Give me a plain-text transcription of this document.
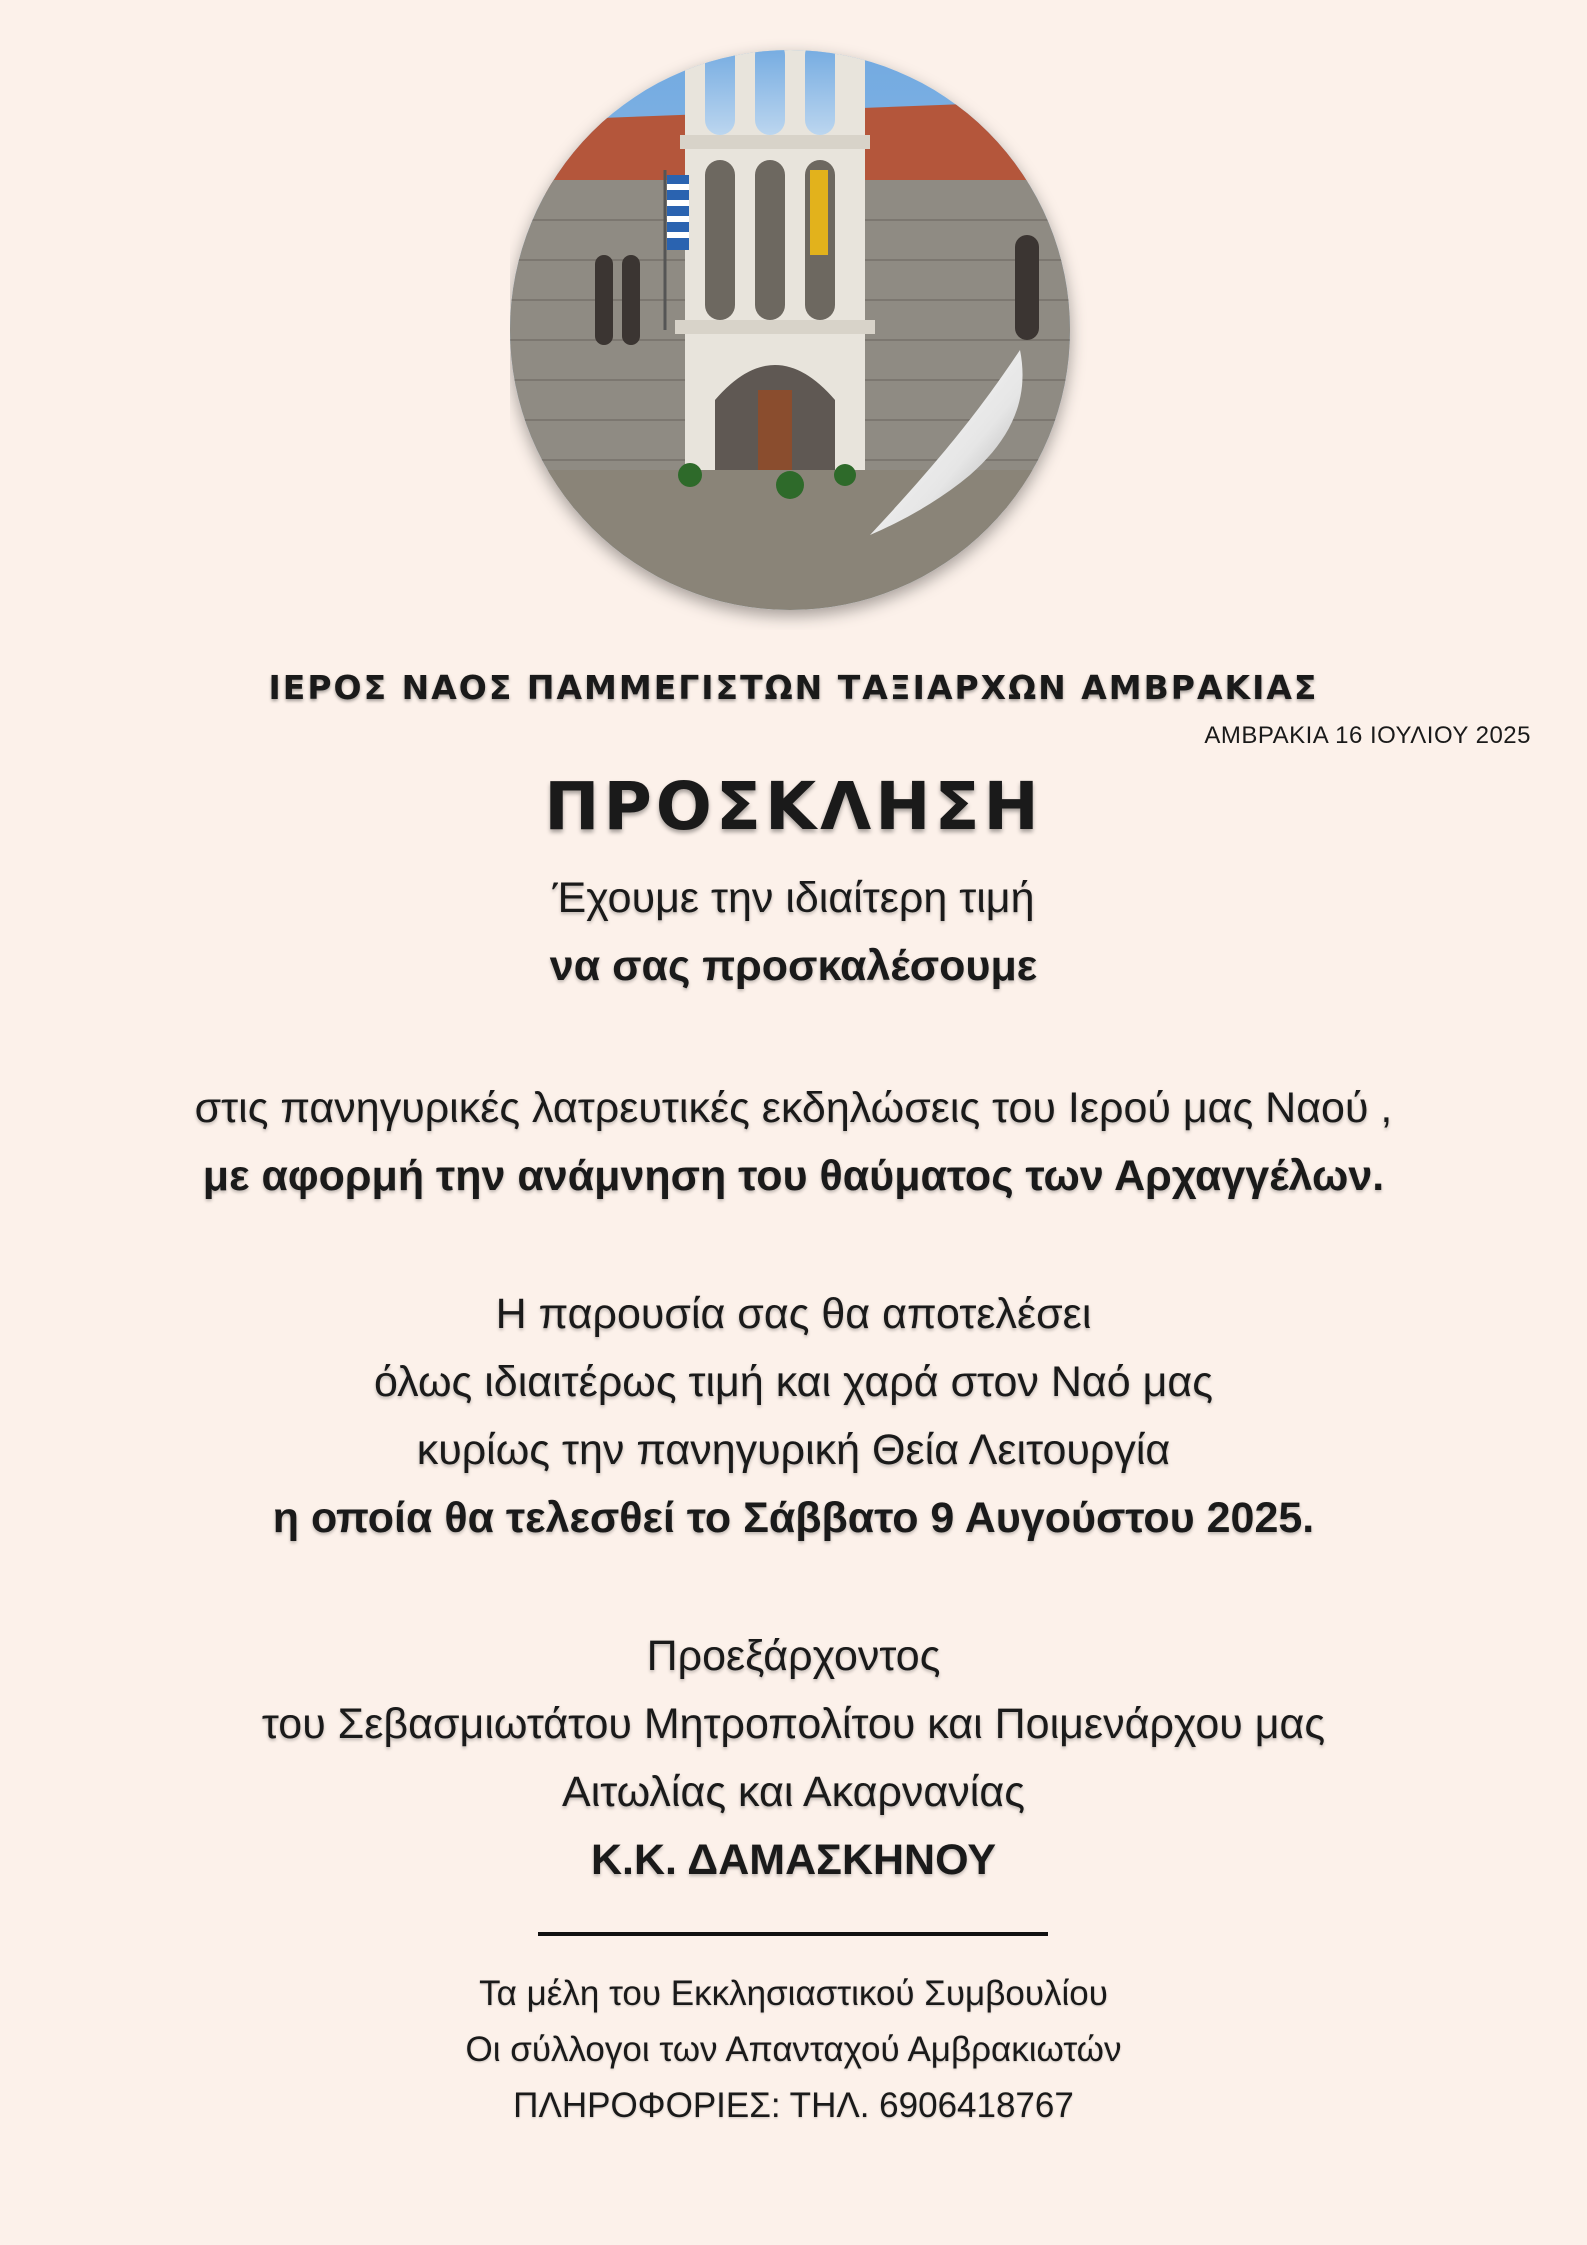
ΙΕΡΟΣ ΝΑΟΣ ΠΑΜΜΕΓΙΣΤΩΝ ΤΑΞΙΑΡΧΩΝ ΑΜΒΡΑΚΙΑΣ
ΑΜΒΡΑΚΙΑ 16 ΙΟΥΛΙΟΥ 2025
ΠΡΟΣΚΛΗΣΗ
Έχουμε την ιδιαίτερη τιμή
να σας προσκαλέσουμε
στις πανηγυρικές λατρευτικές εκδηλώσεις του Ιερού μας Ναού ,
με αφορμή την ανάμνηση του θαύματος των Αρχαγγέλων.
Η παρουσία σας θα αποτελέσει
όλως ιδιαιτέρως τιμή και χαρά στον Ναό μας
κυρίως την πανηγυρική Θεία Λειτουργία
η οποία θα τελεσθεί το Σάββατο 9 Αυγούστου 2025.
Προεξάρχοντος
του Σεβασμιωτάτου Μητροπολίτου και Ποιμενάρχου μας
Αιτωλίας και Ακαρνανίας
Κ.Κ. ΔΑΜΑΣΚΗΝΟΥ
Τα μέλη του Εκκλησιαστικού Συμβουλίου
Οι σύλλογοι των Απανταχού Αμβρακιωτών
ΠΛΗΡΟΦΟΡΙΕΣ: ΤΗΛ. 6906418767
